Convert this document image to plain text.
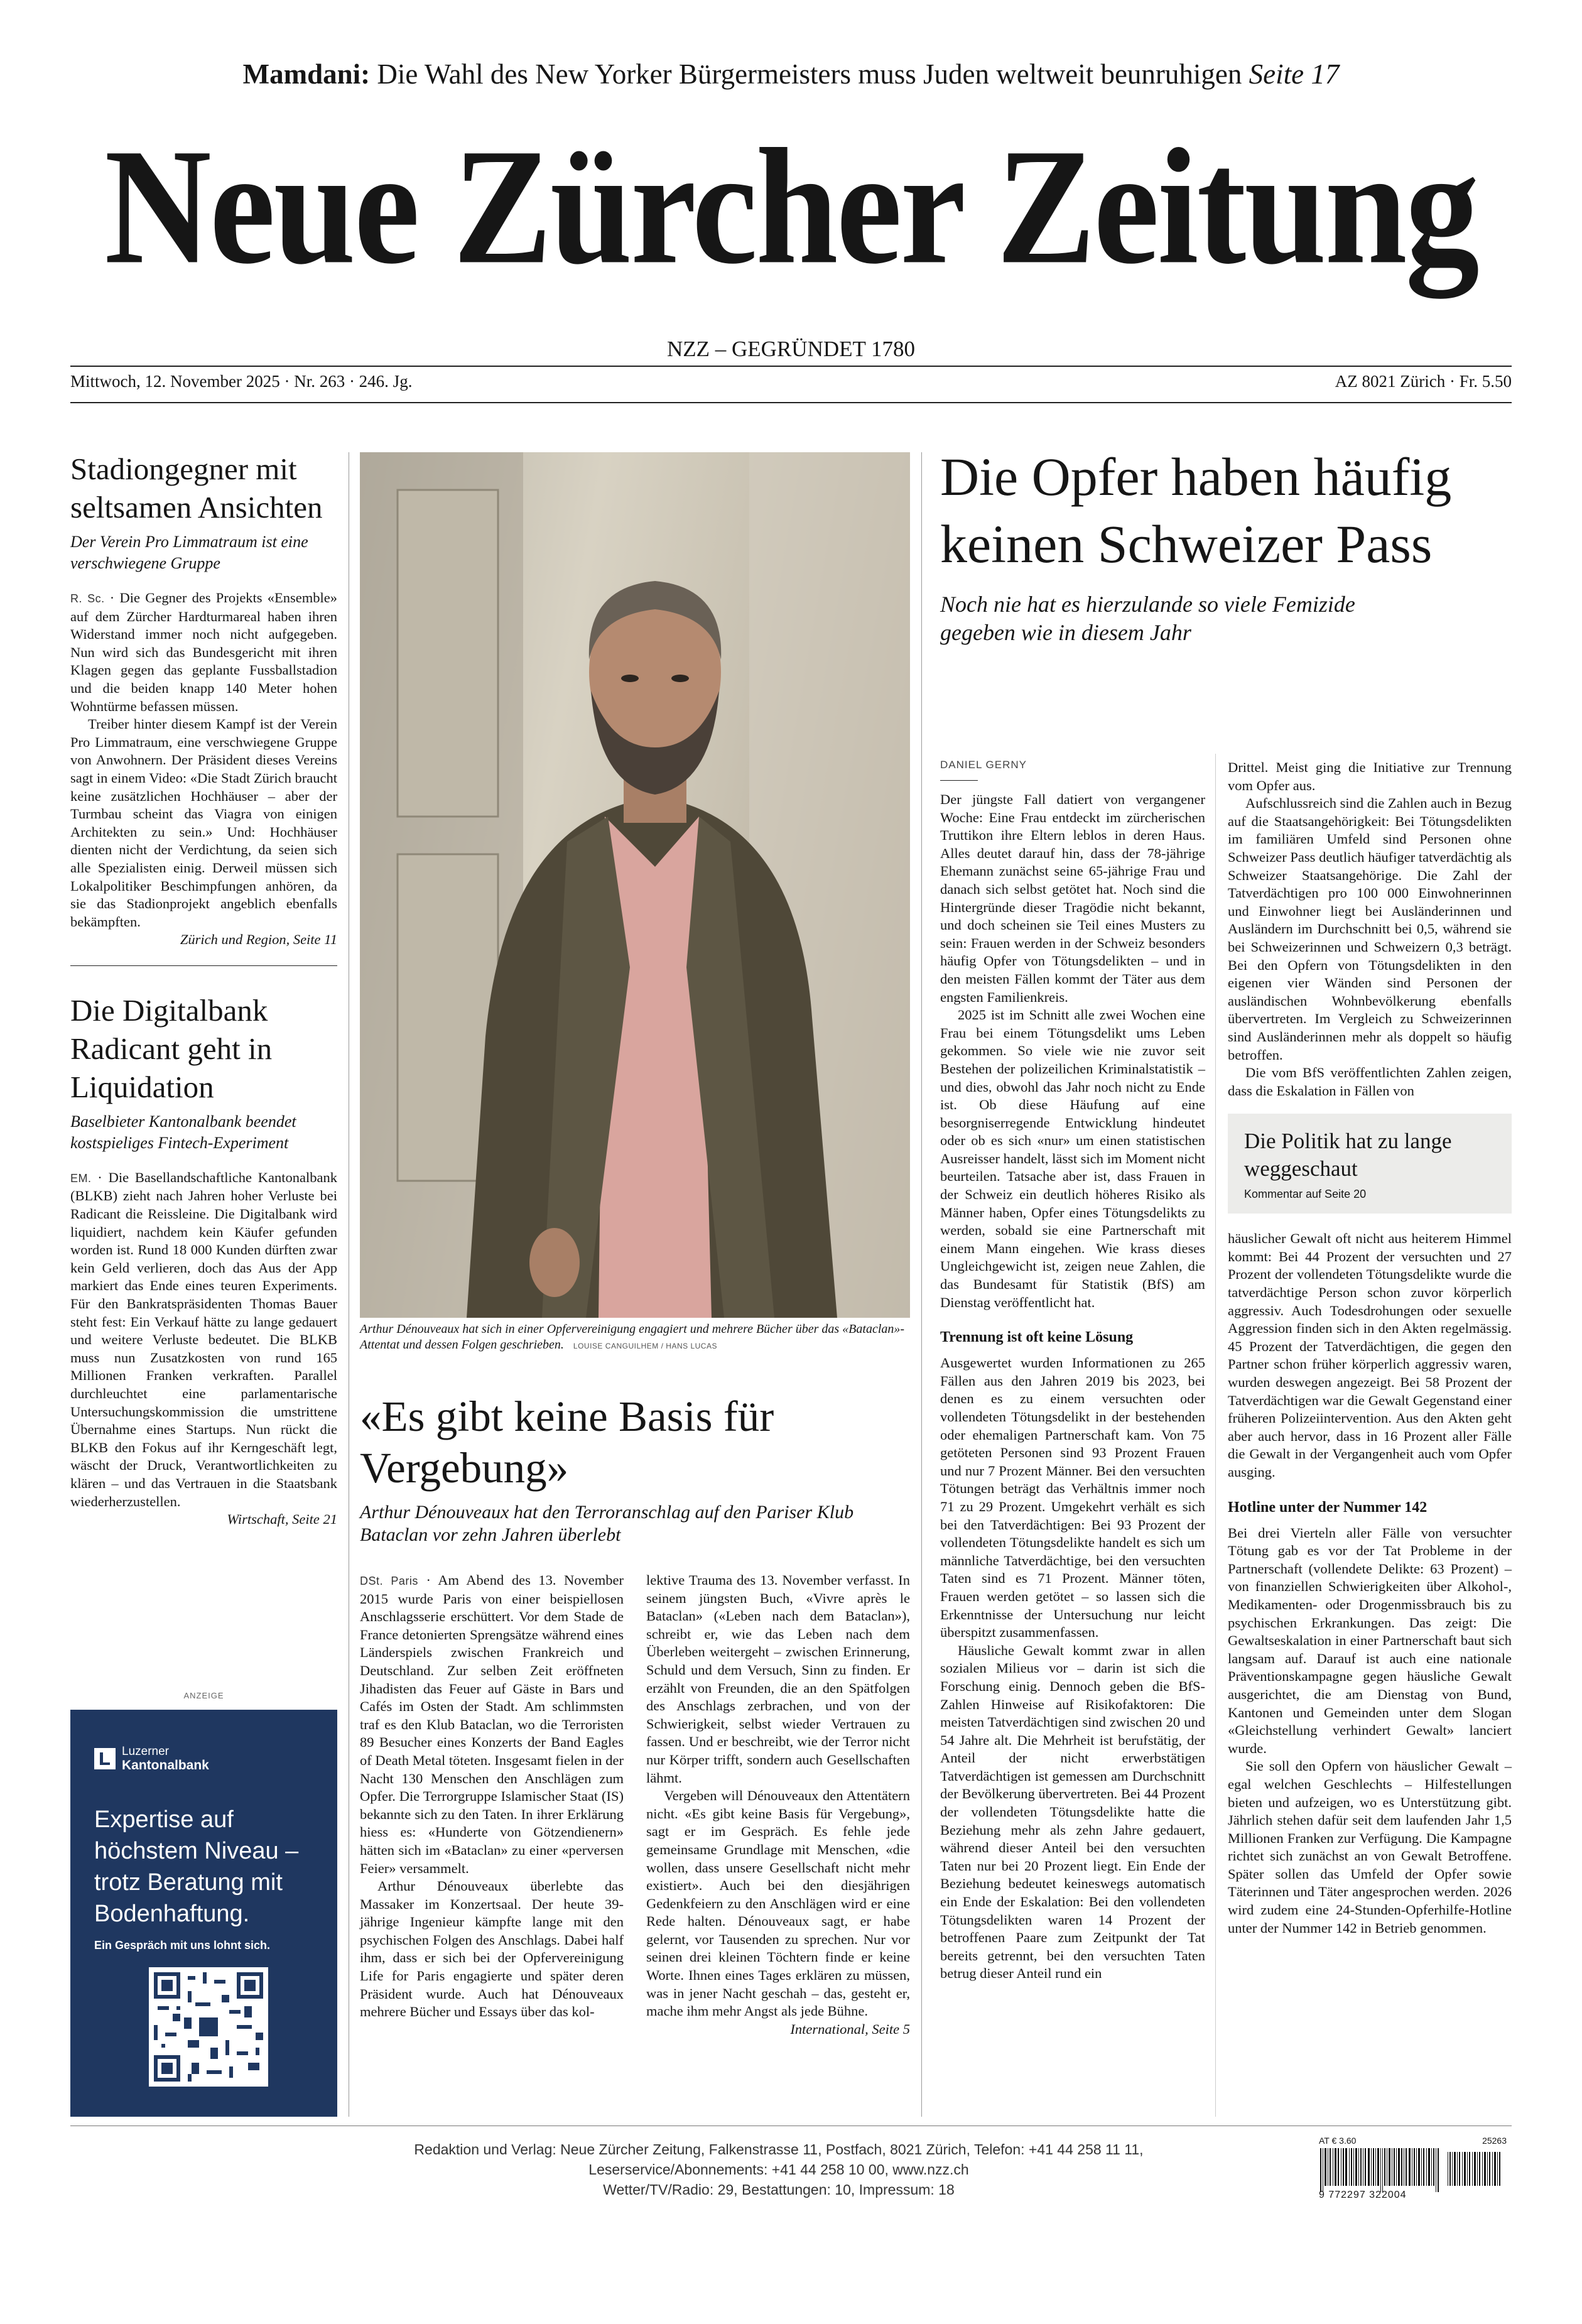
Mamdani: Die Wahl des New Yorker Bürgermeisters muss Juden weltweit beunruhigen Seite 17
Neue Zürcher Zeitung
NZZ – GEGRÜNDET 1780
Mittwoch, 12. November 2025 · Nr. 263 · 246. Jg.	AZ 8021 Zürich · Fr. 5.50
Stadiongegner mit seltsamen Ansichten
Der Verein Pro Limmatraum ist eine verschwiegene Gruppe

R. Sc. · Die Gegner des Projekts «Ensemble» auf dem Zürcher Hardturmareal haben ihren Widerstand immer noch nicht aufgegeben. Nun wird sich das Bundesgericht mit ihren Klagen gegen das geplante Fussballstadion und die beiden knapp 140 Meter hohen Wohntürme befassen müssen.

Treiber hinter diesem Kampf ist der Verein Pro Limmatraum, eine verschwiegene Gruppe von Anwohnern. Der Präsident dieses Vereins sagt in einem Video: «Die Stadt Zürich braucht keine zusätzlichen Hochhäuser – aber der Turmbau scheint das Viagra von einigen Architekten zu sein.» Und: Hochhäuser dienten nicht der Verdichtung, da seien sich alle Spezialisten einig. Derweil müssen sich Lokalpolitiker Beschimpfungen anhören, da sie das Stadionprojekt angeblich ebenfalls bekämpften.

Zürich und Region, Seite 11
Die Digitalbank Radicant geht in Liquidation
Baselbieter Kantonalbank beendet kostspieliges Fintech-Experiment

EM. · Die Basellandschaftliche Kantonalbank (BLKB) zieht nach Jahren hoher Verluste bei Radicant die Reissleine. Die Digitalbank wird liquidiert, nachdem kein Käufer gefunden worden ist. Rund 18 000 Kunden dürften zwar kein Geld verlieren, doch das Aus der App markiert das Ende eines teuren Experiments. Für den Bankratspräsidenten Thomas Bauer steht fest: Ein Verkauf hätte zu lange gedauert und weitere Verluste bedeutet. Die BLKB muss nun Zusatzkosten von rund 165 Millionen Franken verkraften. Parallel durchleuchtet eine parlamentarische Untersuchungskommission die umstrittene Übernahme eines Startups. Nun rückt die BLKB den Fokus auf ihr Kerngeschäft legt, wäscht der Druck, Verantwortlichkeiten zu klären – und das Vertrauen in die Staatsbank wiederherzustellen.

Wirtschaft, Seite 21
ANZEIGE
Luzerner
Kantonalbank
Expertise auf höchstem Niveau – trotz Beratung mit Bodenhaftung.
Ein Gespräch mit uns lohnt sich.
Arthur Dénouveaux hat sich in einer Opfervereinigung engagiert und mehrere Bücher über das «Bataclan»-Attentat und dessen Folgen geschrieben. LOUISE CANGUILHEM / HANS LUCAS
«Es gibt keine Basis für Vergebung»
Arthur Dénouveaux hat den Terroranschlag auf den Pariser Klub Bataclan vor zehn Jahren überlebt

DSt. Paris · Am Abend des 13. November 2015 wurde Paris von einer beispiellosen Anschlagsserie erschüttert. Vor dem Stade de France detonierten Sprengsätze während eines Länderspiels zwischen Frankreich und Deutschland. Zur selben Zeit eröffneten Jihadisten das Feuer auf Gäste in Bars und Cafés im Osten der Stadt. Am schlimmsten traf es den Klub Bataclan, wo die Terroristen 89 Besucher eines Konzerts der Band Eagles of Death Metal töteten. Insgesamt fielen in der Nacht 130 Menschen den Anschlägen zum Opfer. Die Terrorgruppe Islamischer Staat (IS) bekannte sich zu den Taten. In ihrer Erklärung hiess es: «Hunderte von Götzendienern» hätten sich im «Bataclan» zu einer «perversen Feier» versammelt.

Arthur Dénouveaux überlebte das Massaker im Konzertsaal. Der heute 39-jährige Ingenieur kämpfte lange mit den psychischen Folgen des Anschlags. Dabei half ihm, dass er sich bei der Opfervereinigung Life for Paris engagierte und später deren Präsident wurde. Auch hat Dénouveaux mehrere Bücher und Essays über das kol-

lektive Trauma des 13. November verfasst. In seinem jüngsten Buch, «Vivre après le Bataclan» («Leben nach dem Bataclan»), schreibt er, wie das Leben nach dem Überleben weitergeht – zwischen Erinnerung, Schuld und dem Versuch, Sinn zu finden. Er erzählt von Freunden, die an den Spätfolgen des Anschlags zerbrachen, und von der Schwierigkeit, selbst wieder Vertrauen zu fassen. Und er beschreibt, wie der Terror nicht nur Körper trifft, sondern auch Gesellschaften lähmt.

Vergeben will Dénouveaux den Attentätern nicht. «Es gibt keine Basis für Vergebung», sagt er im Gespräch. Es fehle jede gemeinsame Grundlage mit Menschen, «die wollen, dass unsere Gesellschaft nicht mehr existiert». Auch bei den diesjährigen Gedenkfeiern zu den Anschlägen wird er eine Rede halten. Dénouveaux sagt, er habe gelernt, vor Tausenden zu sprechen. Nur vor seinen drei kleinen Töchtern finde er keine Worte. Ihnen eines Tages erklären zu müssen, was in jener Nacht geschah – das, gesteht er, mache ihm mehr Angst als jede Bühne.

International, Seite 5
Die Opfer haben häufig keinen Schweizer Pass
Noch nie hat es hierzulande so viele Femizide gegeben wie in diesem Jahr
DANIEL GERNY

Der jüngste Fall datiert von vergangener Woche: Eine Frau entdeckt im zürcherischen Truttikon ihre Eltern leblos in deren Haus. Alles deutet darauf hin, dass der 78-jährige Ehemann zunächst seine 65-jährige Frau und danach sich selbst getötet hat. Noch sind die Hintergründe dieser Tragödie nicht bekannt, und doch scheinen sie Teil eines Musters zu sein: Frauen werden in der Schweiz besonders häufig Opfer von Tötungsdelikten – und in den meisten Fällen kommt der Täter aus dem engsten Familienkreis.

2025 ist im Schnitt alle zwei Wochen eine Frau bei einem Tötungsdelikt ums Leben gekommen. So viele wie nie zuvor seit Bestehen der polizeilichen Kriminalstatistik – und dies, obwohl das Jahr noch nicht zu Ende ist. Ob diese Häufung auf eine besorgniserregende Entwicklung hindeutet oder ob es sich «nur» um einen statistischen Ausreisser handelt, lässt sich im Moment nicht beurteilen. Tatsache aber ist, dass Frauen in der Schweiz ein deutlich höheres Risiko als Männer haben, Opfer eines Tötungsdelikts zu werden, sobald sie eine Partnerschaft mit einem Mann eingehen. Wie krass dieses Ungleichgewicht ist, zeigen neue Zahlen, die das Bundesamt für Statistik (BfS) am Dienstag veröffentlicht hat.

Trennung ist oft keine Lösung

Ausgewertet wurden Informationen zu 265 Fällen aus den Jahren 2019 bis 2023, bei denen es zu einem versuchten oder vollendeten Tötungsdelikt in der bestehenden oder ehemaligen Partnerschaft kam. Von 75 getöteten Personen sind 93 Prozent Frauen und nur 7 Prozent Männer. Bei den versuchten Tötungen beträgt das Verhältnis immer noch 71 zu 29 Prozent. Umgekehrt verhält es sich bei den Tatverdächtigen: Bei 93 Prozent der vollendeten Tötungsdelikte handelt es sich um männliche Tatverdächtige, bei den versuchten Taten sind es 71 Prozent. Männer töten, Frauen werden getötet – so lassen sich die Erkenntnisse der Untersuchung nur leicht überspitzt zusammenfassen.

Häusliche Gewalt kommt zwar in allen sozialen Milieus vor – darin ist sich die Forschung einig. Dennoch geben die BfS-Zahlen Hinweise auf Risikofaktoren: Die meisten Tatverdächtigen sind zwischen 20 und 54 Jahre alt. Die Mehrheit ist berufstätig, der Anteil der nicht erwerbstätigen Tatverdächtigen ist gemessen am Durchschnitt der Bevölkerung übervertreten. Bei 44 Prozent der vollendeten Tötungsdelikte hatte die Beziehung mehr als zehn Jahre gedauert, während dieser Anteil bei den versuchten Taten nur bei 20 Prozent liegt. Ein Ende der Beziehung bedeutet keineswegs automatisch ein Ende der Eskalation: Bei den vollendeten Tötungsdelikten waren 14 Prozent der betroffenen Paare zum Zeitpunkt der Tat bereits getrennt, bei den versuchten Taten betrug dieser Anteil rund ein

Drittel. Meist ging die Initiative zur Trennung vom Opfer aus.

Aufschlussreich sind die Zahlen auch in Bezug auf die Staatsangehörigkeit: Bei Tötungsdelikten im familiären Umfeld sind Personen ohne Schweizer Pass deutlich häufiger tatverdächtig als Schweizer Staatsangehörige. Die Zahl der Tatverdächtigen pro 100 000 Einwohnerinnen und Einwohner liegt bei Ausländerinnen und Ausländern im Durchschnitt bei 0,5, während sie bei Schweizerinnen und Schweizern 0,3 beträgt. Bei den Opfern von Tötungsdelikten in den eigenen vier Wänden sind Personen der ausländischen Wohnbevölkerung ebenfalls übervertreten. Im Vergleich zu Schweizerinnen sind Ausländerinnen mehr als doppelt so häufig betroffen.

Die vom BfS veröffentlichten Zahlen zeigen, dass die Eskalation in Fällen von

Die Politik hat zu lange weggeschaut
Kommentar auf Seite 20

häuslicher Gewalt oft nicht aus heiterem Himmel kommt: Bei 44 Prozent der versuchten und 27 Prozent der vollendeten Tötungsdelikte wurde die tatverdächtige Person schon zuvor körperlich aggressiv. Auch Todesdrohungen oder sexuelle Aggression finden sich in den Akten regelmässig. 45 Prozent der Tatverdächtigen, die gegen den Partner schon früher körperlich aggressiv waren, wurden deswegen angezeigt. Bei 58 Prozent der Tatverdächtigen war die Gewalt Gegenstand einer früheren Polizeiintervention. Aus den Akten geht aber auch hervor, dass in 16 Prozent aller Fälle die Gewalt in der Vergangenheit auch vom Opfer ausging.

Hotline unter der Nummer 142

Bei drei Vierteln aller Fälle von versuchter Tötung gab es vor der Tat Probleme in der Partnerschaft (vollendete Delikte: 63 Prozent) – von finanziellen Schwierigkeiten über Alkohol-, Medikamenten- oder Drogenmissbrauch bis zu psychischen Erkrankungen. Das zeigt: Die Gewaltseskalation in einer Partnerschaft baut sich langsam auf. Darauf ist auch eine nationale Präventionskampagne gegen häusliche Gewalt ausgerichtet, die am Dienstag von Bund, Kantonen und Gemeinden unter dem Slogan «Gleichstellung verhindert Gewalt» lanciert wurde.

Sie soll den Opfern von häuslicher Gewalt – egal welchen Geschlechts – Hilfestellungen bieten und aufzeigen, wo es Unterstützung gibt. Jährlich stehen dafür seit dem laufenden Jahr 1,5 Millionen Franken zur Verfügung. Die Kampagne richtet sich zunächst an von Gewalt Betroffene. Später sollen das Umfeld der Opfer sowie Täterinnen und Täter angesprochen werden. 2026 wird zudem eine 24-Stunden-Opferhilfe-Hotline unter der Nummer 142 in Betrieb genommen.

Redaktion und Verlag: Neue Zürcher Zeitung, Falkenstrasse 11, Postfach, 8021 Zürich, Telefon: +41 44 258 11 11,
Leserservice/Abonnements: +41 44 258 10 00, www.nzz.ch
Wetter/TV/Radio: 29, Bestattungen: 10, Impressum: 18
AT € 3.60	25263
9 772297 322004
